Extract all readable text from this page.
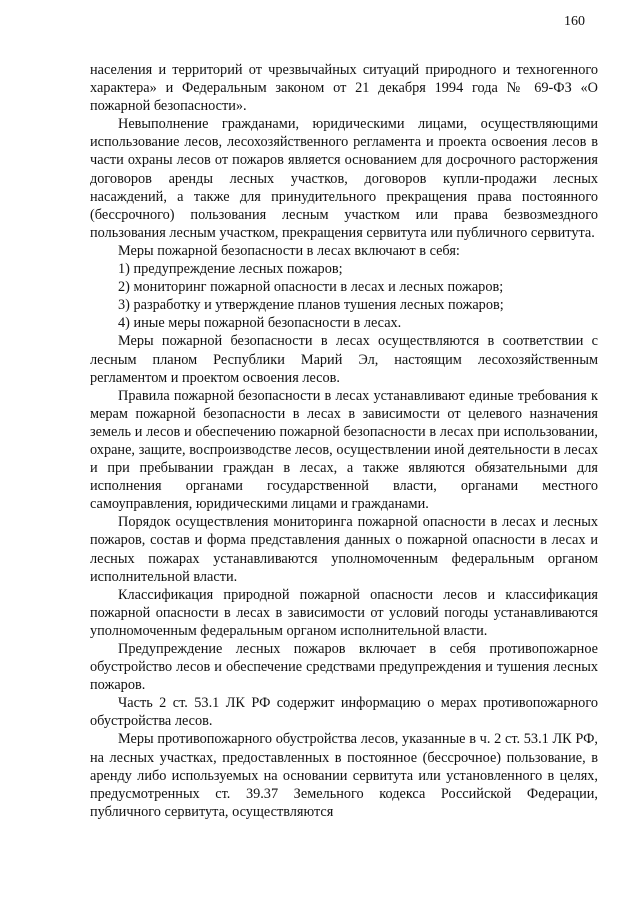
160

населения и территорий от чрезвычайных ситуаций природного и техногенного характера» и Федеральным законом от 21 декабря 1994 года № 69-ФЗ «О пожарной безопасности».

Невыполнение гражданами, юридическими лицами, осуществляющими использование лесов, лесохозяйственного регламента и проекта освоения лесов в части охраны лесов от пожаров является основанием для досрочного расторжения договоров аренды лесных участков, договоров купли-продажи лесных насаждений, а также для принудительного прекращения права постоянного (бессрочного) пользования лесным участком или права безвозмездного пользования лесным участком, прекращения сервитута или публичного сервитута.

Меры пожарной безопасности в лесах включают в себя:

1) предупреждение лесных пожаров;

2) мониторинг пожарной опасности в лесах и лесных пожаров;

3) разработку и утверждение планов тушения лесных пожаров;

4) иные меры пожарной безопасности в лесах.

Меры пожарной безопасности в лесах осуществляются в соответствии с лесным планом Республики Марий Эл, настоящим лесохозяйственным регламентом и проектом освоения лесов.

Правила пожарной безопасности в лесах устанавливают единые требования к мерам пожарной безопасности в лесах в зависимости от целевого назначения земель и лесов и обеспечению пожарной безопасности в лесах при использовании, охране, защите, воспроизводстве лесов, осуществлении иной деятельности в лесах и при пребывании граждан в лесах, а также являются обязательными для исполнения органами государственной власти, органами местного самоуправления, юридическими лицами и гражданами.

Порядок осуществления мониторинга пожарной опасности в лесах и лесных пожаров, состав и форма представления данных о пожарной опасности в лесах и лесных пожарах устанавливаются уполномоченным федеральным органом исполнительной власти.

Классификация природной пожарной опасности лесов и классификация пожарной опасности в лесах в зависимости от условий погоды устанавливаются уполномоченным федеральным органом исполнительной власти.

Предупреждение лесных пожаров включает в себя противопожарное обустройство лесов и обеспечение средствами предупреждения и тушения лесных пожаров.

Часть 2 ст. 53.1 ЛК РФ содержит информацию о мерах противопожарного обустройства лесов.

Меры противопожарного обустройства лесов, указанные в ч. 2 ст. 53.1 ЛК РФ, на лесных участках, предоставленных в постоянное (бессрочное) пользование, в аренду либо используемых на основании сервитута или установленного в целях, предусмотренных ст. 39.37 Земельного кодекса Российской Федерации, публичного сервитута, осуществляются
